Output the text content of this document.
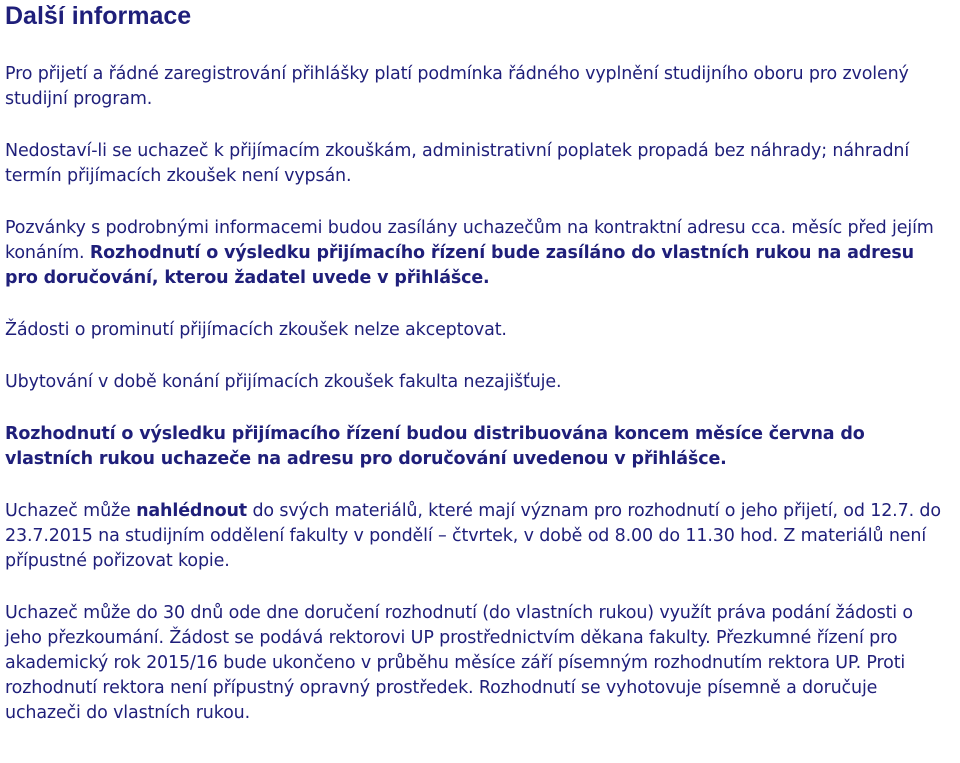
Další informace

Pro přijetí a řádné zaregistrování přihlášky platí podmínka řádného vyplnění studijního oboru pro zvolený studijní program.

Nedostaví-li se uchazeč k přijímacím zkouškám, administrativní poplatek propadá bez náhrady; náhradní termín přijímacích zkoušek není vypsán.

Pozvánky s podrobnými informacemi budou zasílány uchazečům na kontraktní adresu cca. měsíc před jejím konáním. Rozhodnutí o výsledku přijímacího řízení bude zasíláno do vlastních rukou na adresu pro doručování, kterou žadatel uvede v přihlášce.

Žádosti o prominutí přijímacích zkoušek nelze akceptovat.

Ubytování v době konání přijímacích zkoušek fakulta nezajišťuje.

Rozhodnutí o výsledku přijímacího řízení budou distribuována koncem měsíce června do vlastních rukou uchazeče na adresu pro doručování uvedenou v přihlášce.

Uchazeč může nahlédnout do svých materiálů, které mají význam pro rozhodnutí o jeho přijetí, od 12.7. do 23.7.2015 na studijním oddělení fakulty v pondělí – čtvrtek, v době od 8.00 do 11.30 hod. Z materiálů není přípustné pořizovat kopie.

Uchazeč může do 30 dnů ode dne doručení rozhodnutí (do vlastních rukou) využít práva podání žádosti o jeho přezkoumání. Žádost se podává rektorovi UP prostřednictvím děkana fakulty. Přezkumné řízení pro akademický rok 2015/16 bude ukončeno v průběhu měsíce září písemným rozhodnutím rektora UP. Proti rozhodnutí rektora není přípustný opravný prostředek. Rozhodnutí se vyhotovuje písemně a doručuje uchazeči do vlastních rukou.
